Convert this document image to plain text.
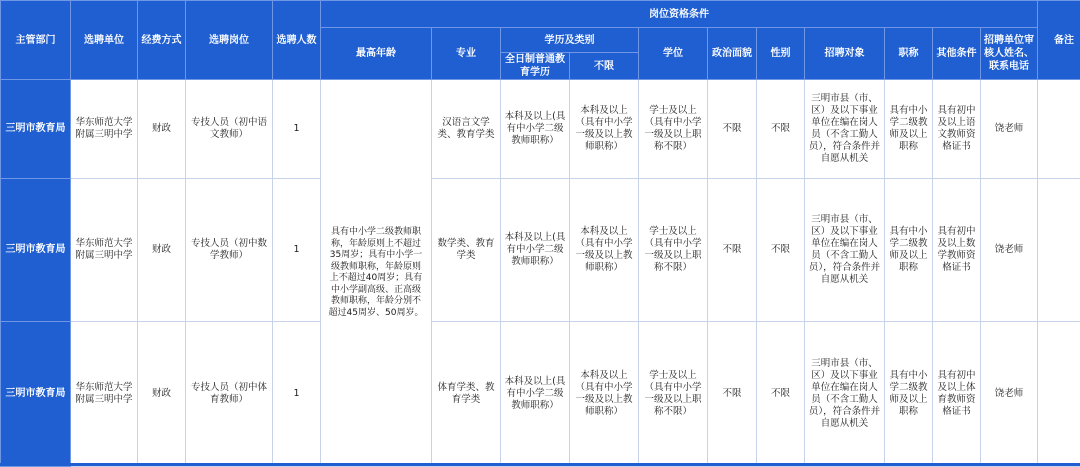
主管部门	选聘单位	经费方式	选聘岗位	选聘人数	岗位资格条件											备注
					最高年龄	专业	学历及类别		学位	政治面貌	性别	招聘对象	职称	其他条件	招聘单位审核人姓名、联系电话	
							全日制普通教育学历	不限								
三明市教育局	华东师范大学附属三明中学	财政	专技人员（初中语文教师）	1	具有中小学二级教师职称，年龄原则上不超过35周岁；具有中小学一级教师职称，年龄原则上不超过40周岁；具有中小学副高级、正高级教师职称，年龄分别不超过45周岁、50周岁。	汉语言文学类、教育学类	本科及以上(具有中小学二级教师职称）	本科及以上（具有中小学一级及以上教师职称）	学士及以上（具有中小学一级及以上职称不限）	不限	不限	三明市县（市、区）及以下事业单位在编在岗人员（不含工勤人员），符合条件并自愿从机关	具有中小学二级教师及以上职称	具有初中及以上语文教师资格证书	饶老师	
三明市教育局	华东师范大学附属三明中学	财政	专技人员（初中数学教师）	1		数学类、教育学类	本科及以上(具有中小学二级教师职称）	本科及以上（具有中小学一级及以上教师职称）	学士及以上（具有中小学一级及以上职称不限）	不限	不限	三明市县（市、区）及以下事业单位在编在岗人员（不含工勤人员），符合条件并自愿从机关	具有中小学二级教师及以上职称	具有初中及以上数学教师资格证书	饶老师	
三明市教育局	华东师范大学附属三明中学	财政	专技人员（初中体育教师）	1		体育学类、教育学类	本科及以上(具有中小学二级教师职称）	本科及以上（具有中小学一级及以上教师职称）	学士及以上（具有中小学一级及以上职称不限）	不限	不限	三明市县（市、区）及以下事业单位在编在岗人员（不含工勤人员），符合条件并自愿从机关	具有中小学二级教师及以上职称	具有初中及以上体育教师资格证书	饶老师	
